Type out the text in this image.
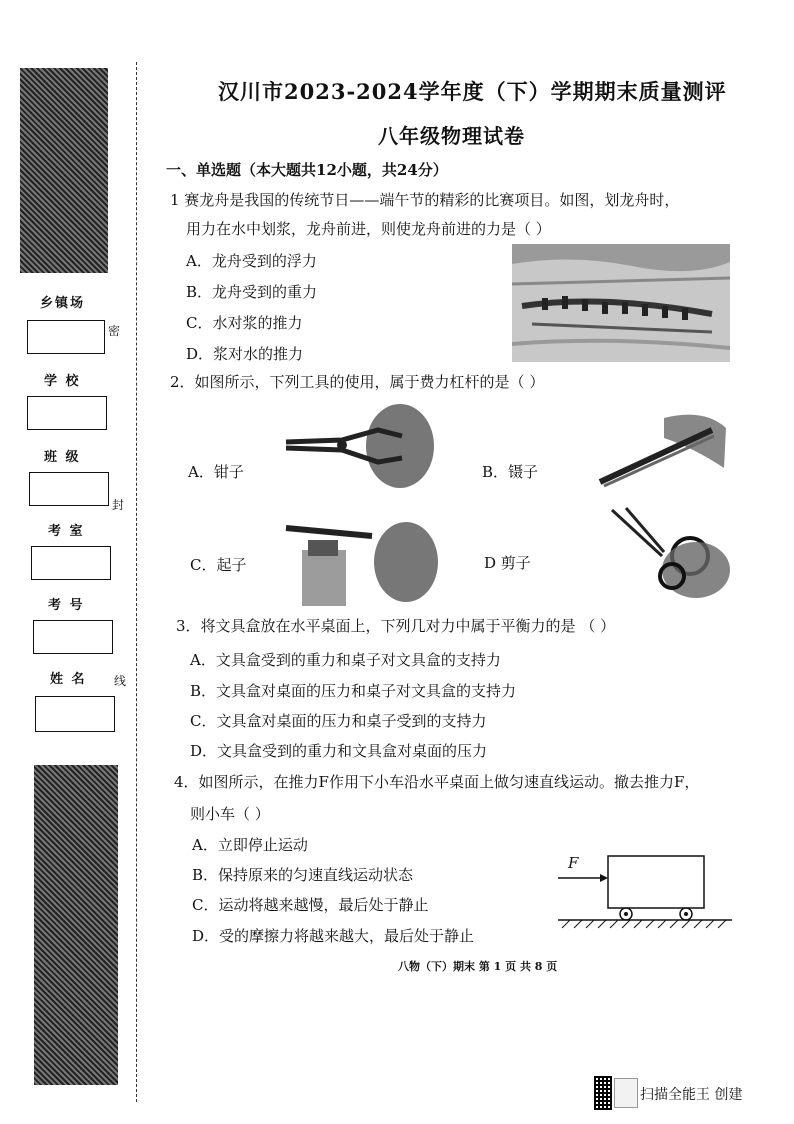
乡镇场
学 校
班 级
考 室
考 号
姓 名
密
封
线
汉川市2023-2024学年度（下）学期期末质量测评
八年级物理试卷
一、单选题（本大题共12小题，共24分）
1 赛龙舟是我国的传统节日——端午节的精彩的比赛项目。如图，划龙舟时，
用力在水中划浆，龙舟前进，则使龙舟前进的力是（ ）
A．龙舟受到的浮力
B．龙舟受到的重力
C．水对浆的推力
D．浆对水的推力
2．如图所示，下列工具的使用，属于费力杠杆的是（ ）
A．钳子	B．镊子
C．起子	D 剪子
3．将文具盒放在水平桌面上，下列几对力中属于平衡力的是 （ ）
A．文具盒受到的重力和桌子对文具盒的支持力
B．文具盒对桌面的压力和桌子对文具盒的支持力
C．文具盒对桌面的压力和桌子受到的支持力
D．文具盒受到的重力和文具盒对桌面的压力
4．如图所示，在推力F作用下小车沿水平桌面上做匀速直线运动。撤去推力F，
则小车（ ）
A．立即停止运动
B．保持原来的匀速直线运动状态
C．运动将越来越慢，最后处于静止
D．受的摩擦力将越来越大，最后处于静止
F
八物（下）期末 第 1 页 共 8 页
扫描全能王 创建
